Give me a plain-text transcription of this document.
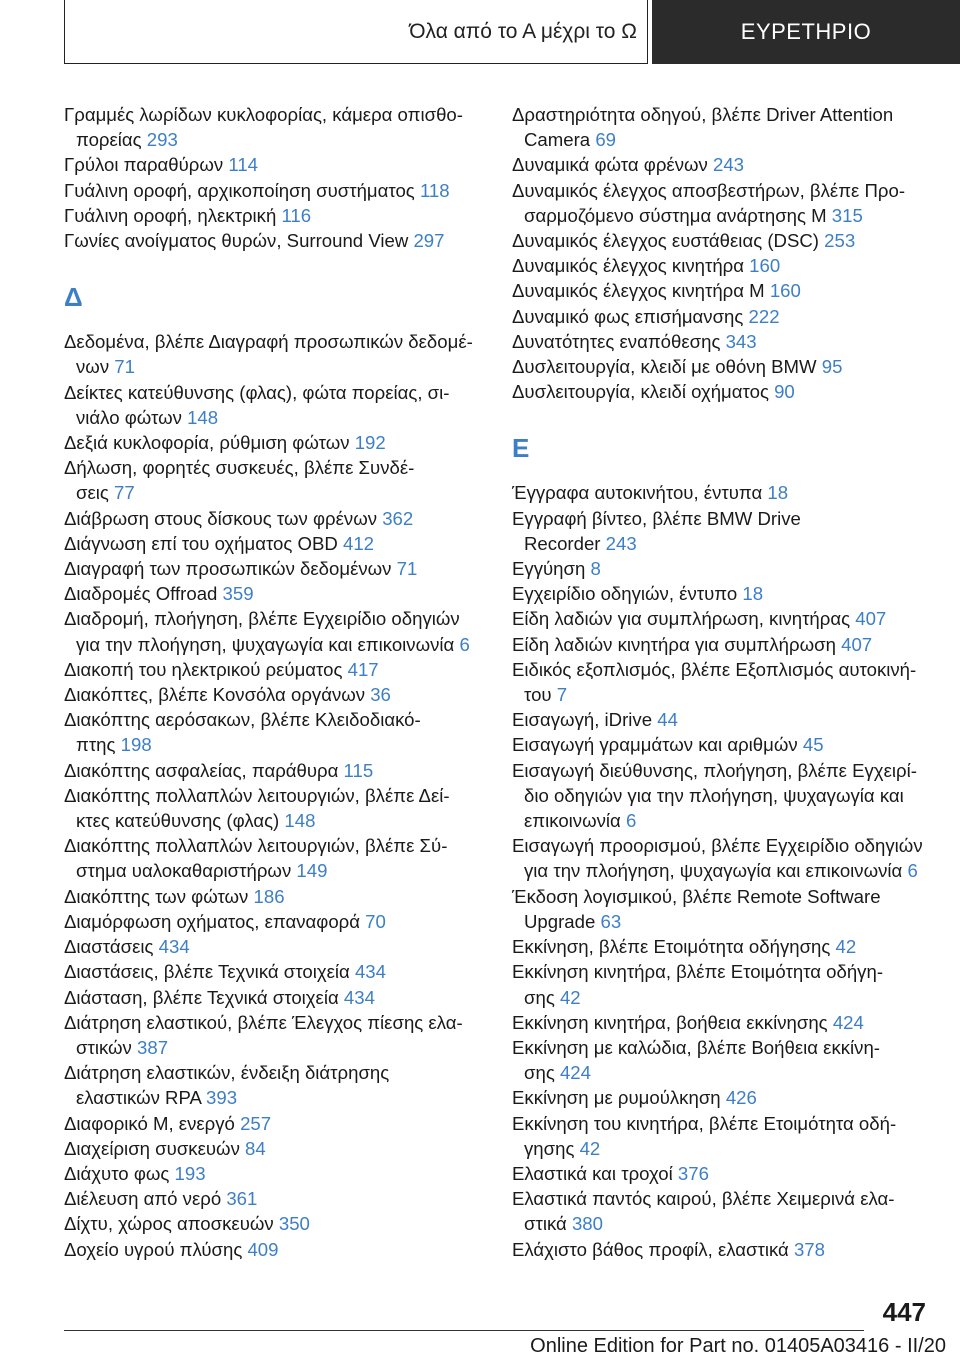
Όλα από το Α μέχρι το Ω	ΕΥΡΕΤΗΡΙΟ
Γραμμές λωρίδων κυκλοφορίας, κάμερα οπισθο‐
πορείας 293
Γρύλοι παραθύρων 114
Γυάλινη οροφή, αρχικοποίηση συστήματος 118
Γυάλινη οροφή, ηλεκτρική 116
Γωνίες ανοίγματος θυρών, Surround View 297
Δ
Δεδομένα, βλέπε Διαγραφή προσωπικών δεδομέ‐
νων 71
Δείκτες κατεύθυνσης (φλας), φώτα πορείας, σι‐
νιάλο φώτων 148
Δεξιά κυκλοφορία, ρύθμιση φώτων 192
Δήλωση, φορητές συσκευές, βλέπε Συνδέ‐
σεις 77
Διάβρωση στους δίσκους των φρένων 362
Διάγνωση επί του οχήματος OBD 412
Διαγραφή των προσωπικών δεδομένων 71
Διαδρομές Offroad 359
Διαδρομή, πλοήγηση, βλέπε Εγχειρίδιο οδηγιών
για την πλοήγηση, ψυχαγωγία και επικοινωνία 6
Διακοπή του ηλεκτρικού ρεύματος 417
Διακόπτες, βλέπε Κονσόλα οργάνων 36
Διακόπτης αερόσακων, βλέπε Κλειδοδιακό‐
πτης 198
Διακόπτης ασφαλείας, παράθυρα 115
Διακόπτης πολλαπλών λειτουργιών, βλέπε Δεί‐
κτες κατεύθυνσης (φλας) 148
Διακόπτης πολλαπλών λειτουργιών, βλέπε Σύ‐
στημα υαλοκαθαριστήρων 149
Διακόπτης των φώτων 186
Διαμόρφωση οχήματος, επαναφορά 70
Διαστάσεις 434
Διαστάσεις, βλέπε Τεχνικά στοιχεία 434
Διάσταση, βλέπε Τεχνικά στοιχεία 434
Διάτρηση ελαστικού, βλέπε Έλεγχος πίεσης ελα‐
στικών 387
Διάτρηση ελαστικών, ένδειξη διάτρησης
ελαστικών RPA 393
Διαφορικό M, ενεργό 257
Διαχείριση συσκευών 84
Διάχυτο φως 193
Διέλευση από νερό 361
Δίχτυ, χώρος αποσκευών 350
Δοχείο υγρού πλύσης 409
Δραστηριότητα οδηγού, βλέπε Driver Attention
Camera 69
Δυναμικά φώτα φρένων 243
Δυναμικός έλεγχος αποσβεστήρων, βλέπε Προ‐
σαρμοζόμενο σύστημα ανάρτησης M 315
Δυναμικός έλεγχος ευστάθειας (DSC) 253
Δυναμικός έλεγχος κινητήρα 160
Δυναμικός έλεγχος κινητήρα M 160
Δυναμικό φως επισήμανσης 222
Δυνατότητες εναπόθεσης 343
Δυσλειτουργία, κλειδί με οθόνη BMW 95
Δυσλειτουργία, κλειδί οχήματος 90
Ε
Έγγραφα αυτοκινήτου, έντυπα 18
Εγγραφή βίντεο, βλέπε BMW Drive
Recorder 243
Εγγύηση 8
Εγχειρίδιο οδηγιών, έντυπο 18
Είδη λαδιών για συμπλήρωση, κινητήρας 407
Είδη λαδιών κινητήρα για συμπλήρωση 407
Ειδικός εξοπλισμός, βλέπε Εξοπλισμός αυτοκινή‐
του 7
Εισαγωγή, iDrive 44
Εισαγωγή γραμμάτων και αριθμών 45
Εισαγωγή διεύθυνσης, πλοήγηση, βλέπε Εγχειρί‐
διο οδηγιών για την πλοήγηση, ψυχαγωγία και
επικοινωνία 6
Εισαγωγή προορισμού, βλέπε Εγχειρίδιο οδηγιών
για την πλοήγηση, ψυχαγωγία και επικοινωνία 6
Έκδοση λογισμικού, βλέπε Remote Software
Upgrade 63
Εκκίνηση, βλέπε Ετοιμότητα οδήγησης 42
Εκκίνηση κινητήρα, βλέπε Ετοιμότητα οδήγη‐
σης 42
Εκκίνηση κινητήρα, βοήθεια εκκίνησης 424
Εκκίνηση με καλώδια, βλέπε Βοήθεια εκκίνη‐
σης 424
Εκκίνηση με ρυμούλκηση 426
Εκκίνηση του κινητήρα, βλέπε Ετοιμότητα οδή‐
γησης 42
Ελαστικά και τροχοί 376
Ελαστικά παντός καιρού, βλέπε Χειμερινά ελα‐
στικά 380
Ελάχιστο βάθος προφίλ, ελαστικά 378
447
Online Edition for Part no. 01405A03416 - II/20
